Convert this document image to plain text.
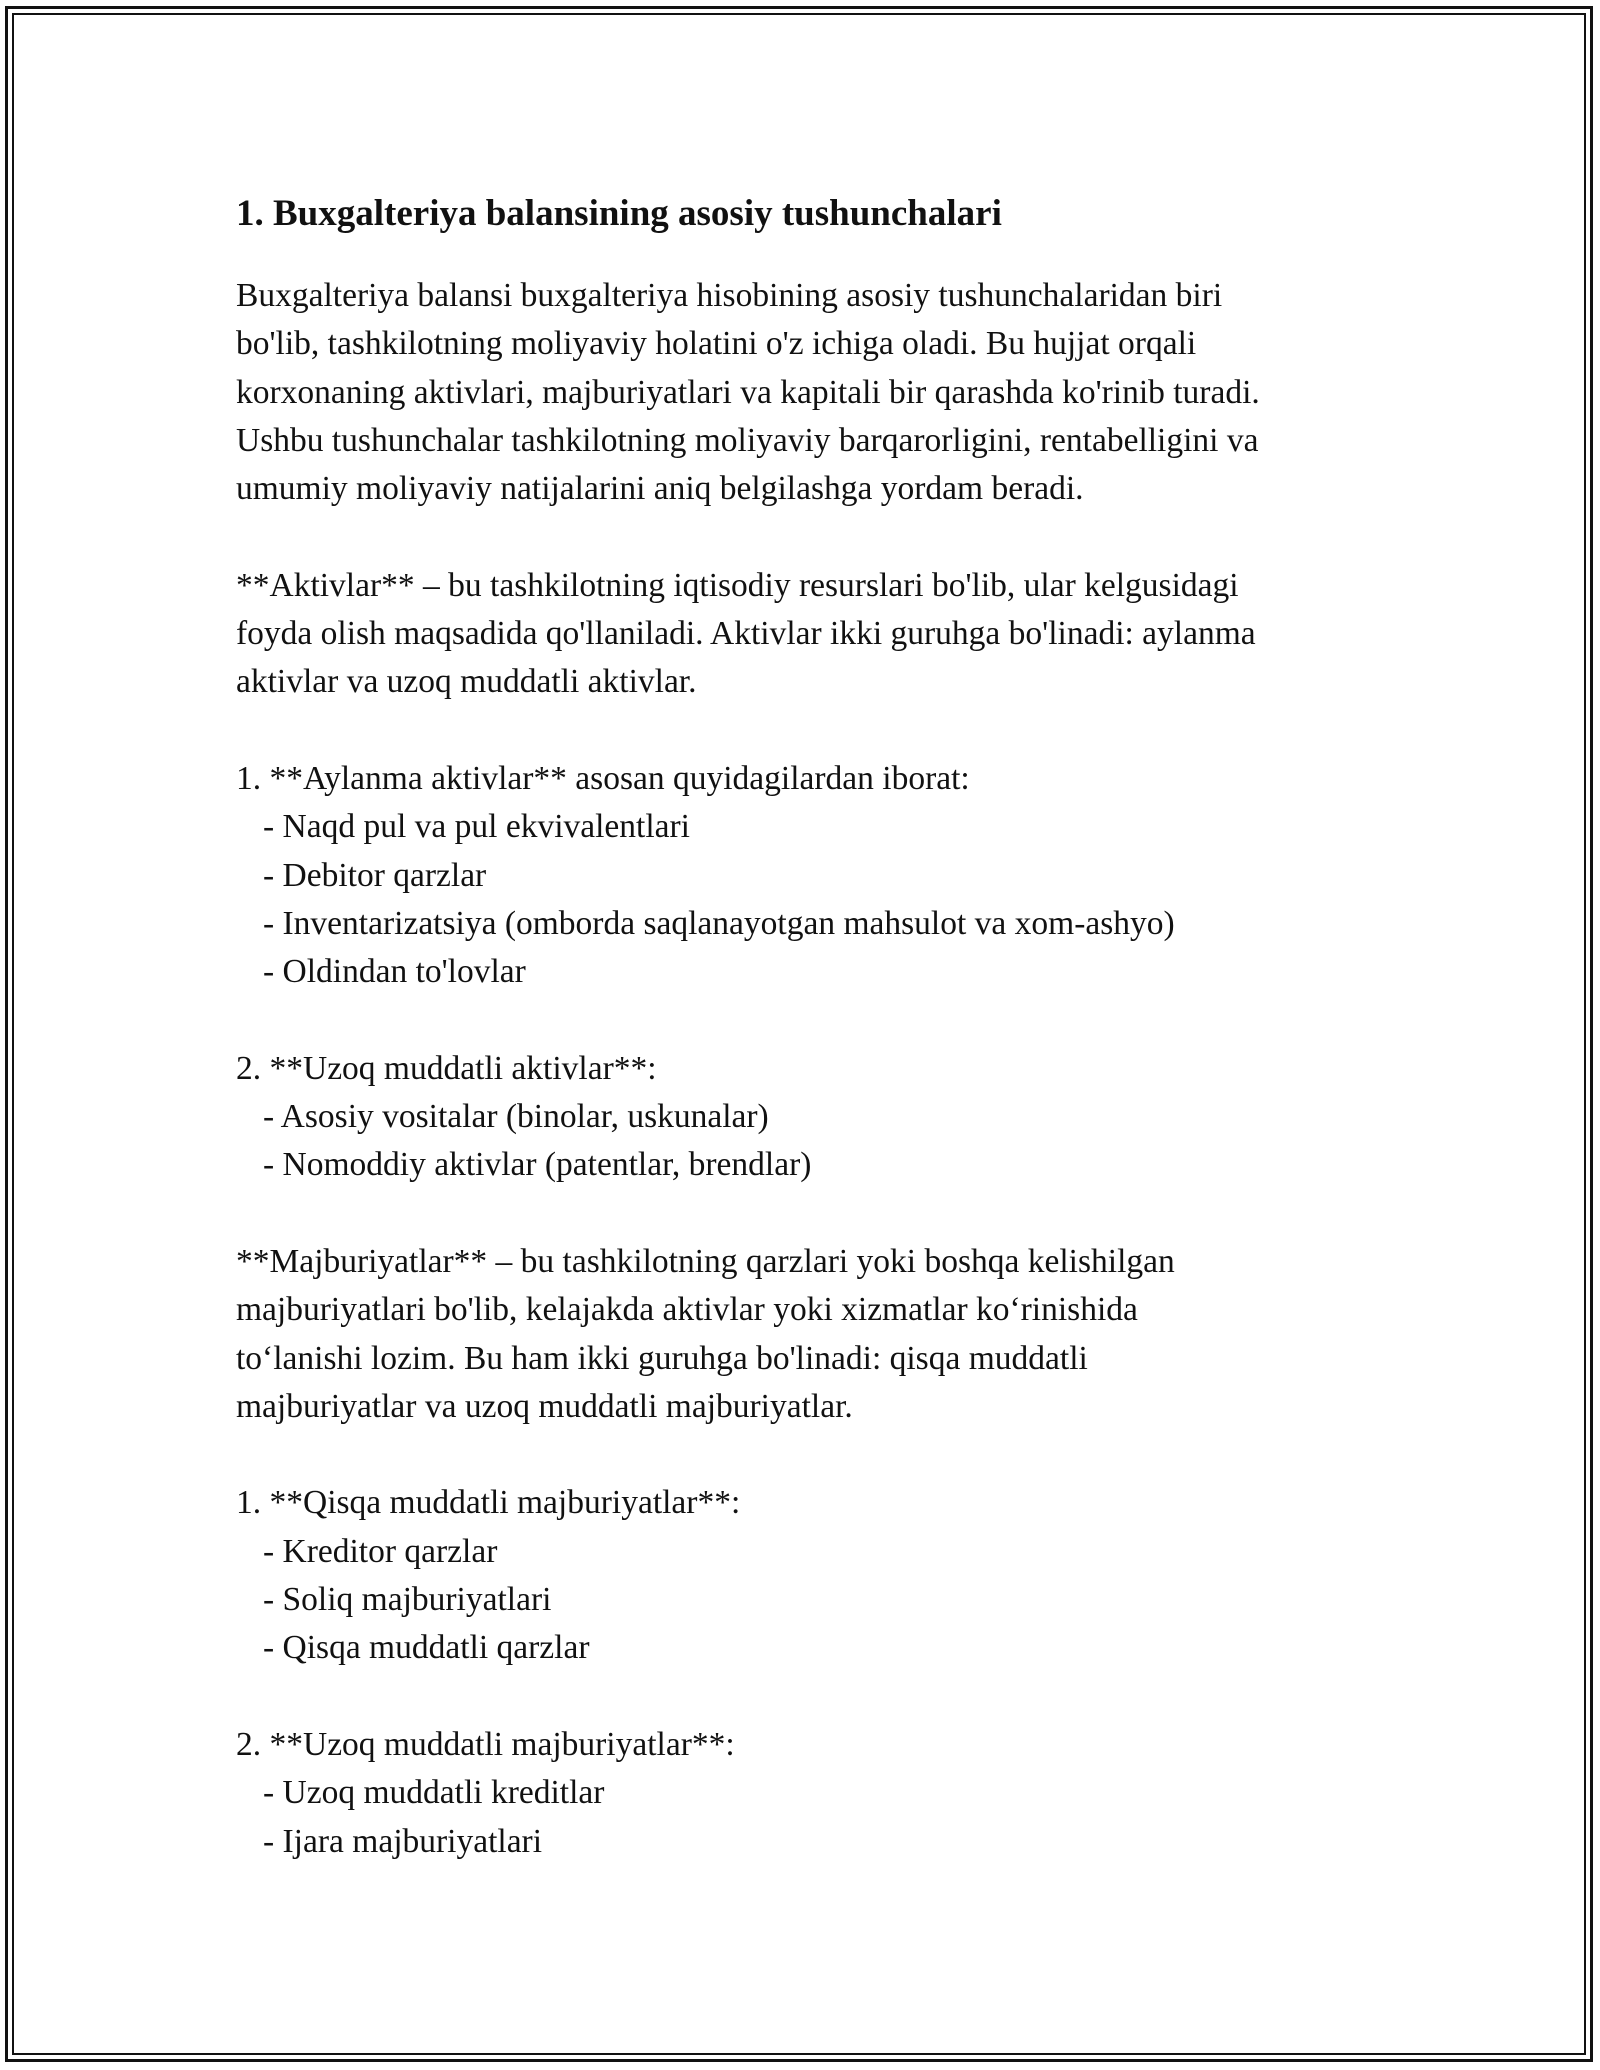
1. Buxgalteriya balansining asosiy tushunchalari
Buxgalteriya balansi buxgalteriya hisobining asosiy tushunchalaridan biri
bo'lib, tashkilotning moliyaviy holatini o'z ichiga oladi. Bu hujjat orqali
korxonaning aktivlari, majburiyatlari va kapitali bir qarashda ko'rinib turadi.
Ushbu tushunchalar tashkilotning moliyaviy barqarorligini, rentabelligini va
umumiy moliyaviy natijalarini aniq belgilashga yordam beradi.
**Aktivlar** – bu tashkilotning iqtisodiy resurslari bo'lib, ular kelgusidagi
foyda olish maqsadida qo'llaniladi. Aktivlar ikki guruhga bo'linadi: aylanma
aktivlar va uzoq muddatli aktivlar.
1. **Aylanma aktivlar** asosan quyidagilardan iborat:
- Naqd pul va pul ekvivalentlari
- Debitor qarzlar
- Inventarizatsiya (omborda saqlanayotgan mahsulot va xom-ashyo)
- Oldindan to'lovlar
2. **Uzoq muddatli aktivlar**:
- Asosiy vositalar (binolar, uskunalar)
- Nomoddiy aktivlar (patentlar, brendlar)
**Majburiyatlar** – bu tashkilotning qarzlari yoki boshqa kelishilgan
majburiyatlari bo'lib, kelajakda aktivlar yoki xizmatlar ko‘rinishida
to‘lanishi lozim. Bu ham ikki guruhga bo'linadi: qisqa muddatli
majburiyatlar va uzoq muddatli majburiyatlar.
1. **Qisqa muddatli majburiyatlar**:
- Kreditor qarzlar
- Soliq majburiyatlari
- Qisqa muddatli qarzlar
2. **Uzoq muddatli majburiyatlar**:
- Uzoq muddatli kreditlar
- Ijara majburiyatlari
